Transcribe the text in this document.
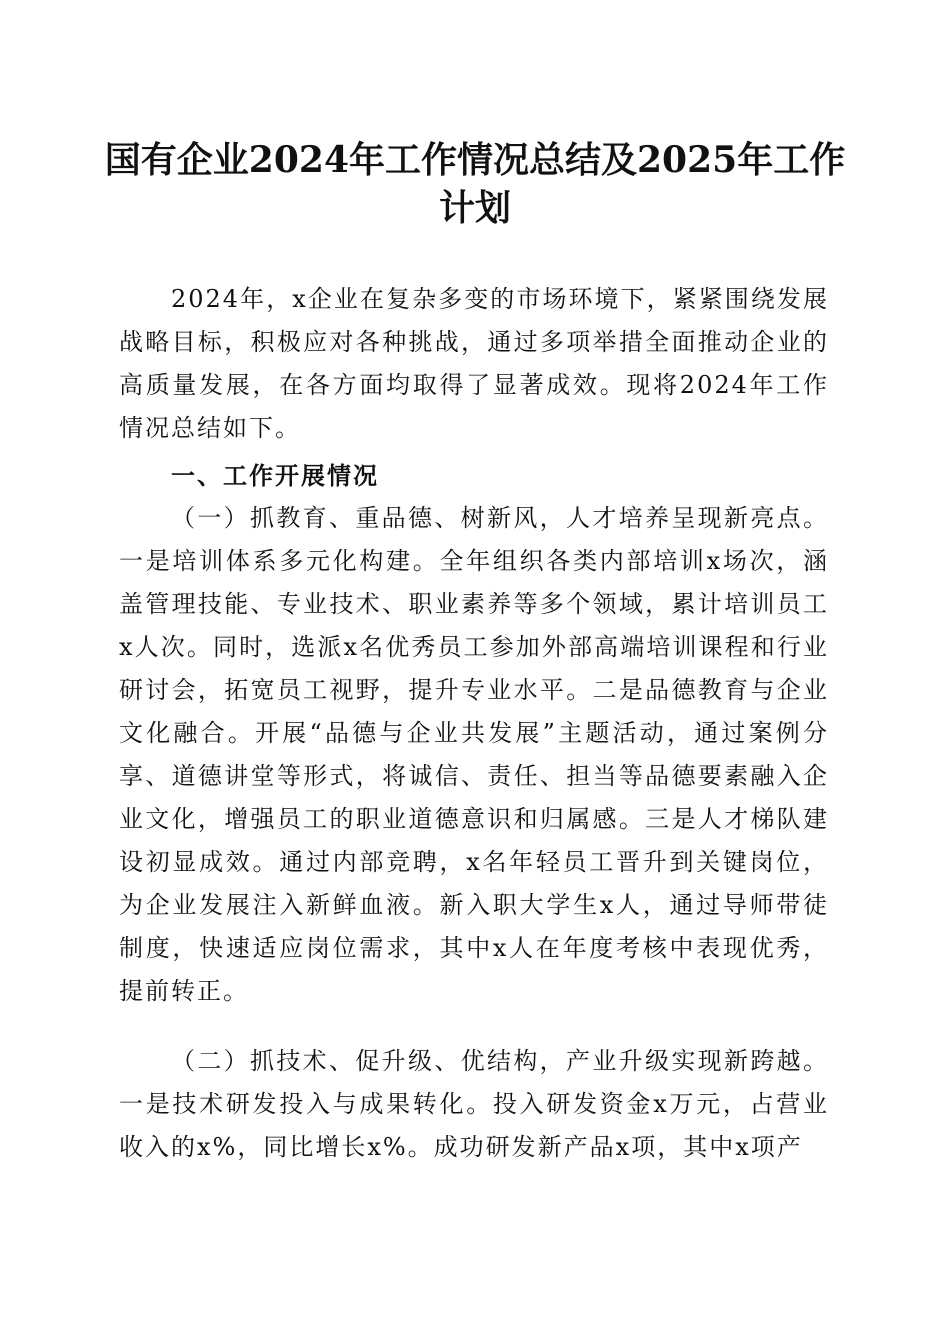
国有企业2024年工作情况总结及2025年工作计划

2024年，x企业在复杂多变的市场环境下，紧紧围绕发展战略目标，积极应对各种挑战，通过多项举措全面推动企业的高质量发展，在各方面均取得了显著成效。现将2024年工作情况总结如下。

一、工作开展情况

（一）抓教育、重品德、树新风，人才培养呈现新亮点。一是培训体系多元化构建。全年组织各类内部培训x场次，涵盖管理技能、专业技术、职业素养等多个领域，累计培训员工x人次。同时，选派x名优秀员工参加外部高端培训课程和行业研讨会，拓宽员工视野，提升专业水平。二是品德教育与企业文化融合。开展“品德与企业共发展”主题活动，通过案例分享、道德讲堂等形式，将诚信、责任、担当等品德要素融入企业文化，增强员工的职业道德意识和归属感。三是人才梯队建设初显成效。通过内部竞聘，x名年轻员工晋升到关键岗位，为企业发展注入新鲜血液。新入职大学生x人，通过导师带徒制度，快速适应岗位需求，其中x人在年度考核中表现优秀，提前转正。

（二）抓技术、促升级、优结构，产业升级实现新跨越。一是技术研发投入与成果转化。投入研发资金x万元，占营业收入的x%，同比增长x%。成功研发新产品x项，其中x项产
